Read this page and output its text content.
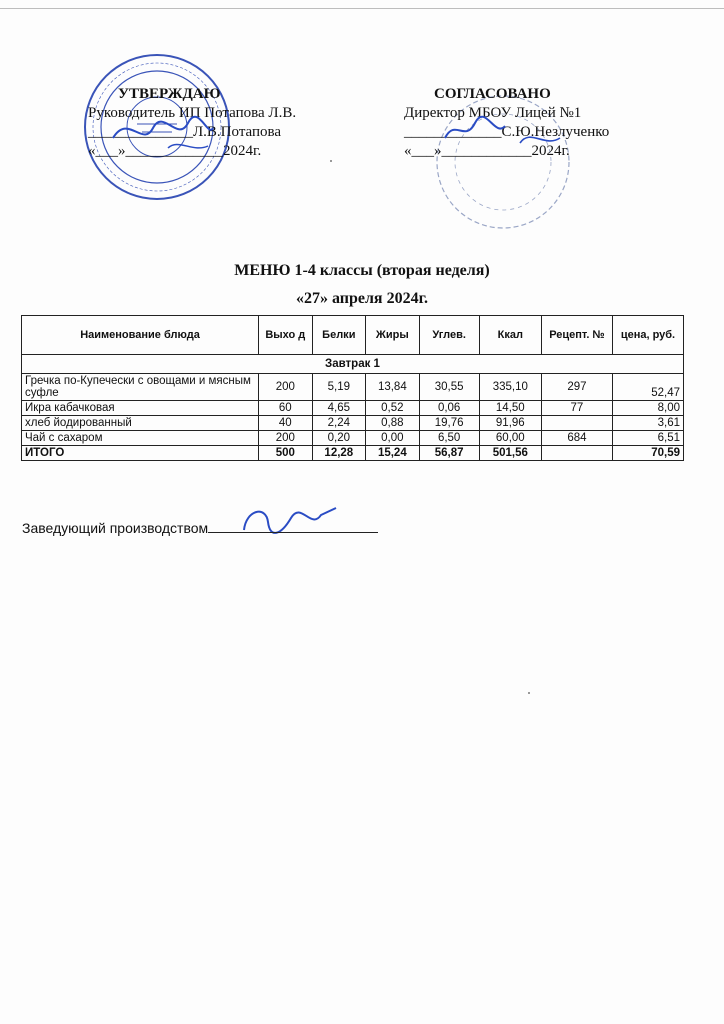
УТВЕРЖДАЮ
Руководитель ИП Потапова Л.В.
______________Л.В.Потапова
«___»_____________2024г.
СОГЛАСОВАНО
Директор МБОУ Лицей №1
_____________С.Ю.Незлученко
«___»____________2024г.
МЕНЮ 1-4 классы (вторая неделя)
«27» апреля 2024г.
Наименование блюда	Выхо д	Белки	Жиры	Углев.	Ккал	Рецепт. №	цена, руб.
Завтрак 1							
Гречка по-Купечески с овощами и мясным суфле	200	5,19	13,84	30,55	335,10	297	52,47
Икра кабачковая	60	4,65	0,52	0,06	14,50	77	8,00
хлеб йодированный	40	2,24	0,88	19,76	91,96		3,61
Чай с сахаром	200	0,20	0,00	6,50	60,00	684	6,51
ИТОГО	500	12,28	15,24	56,87	501,56		70,59
Заведующий производством
